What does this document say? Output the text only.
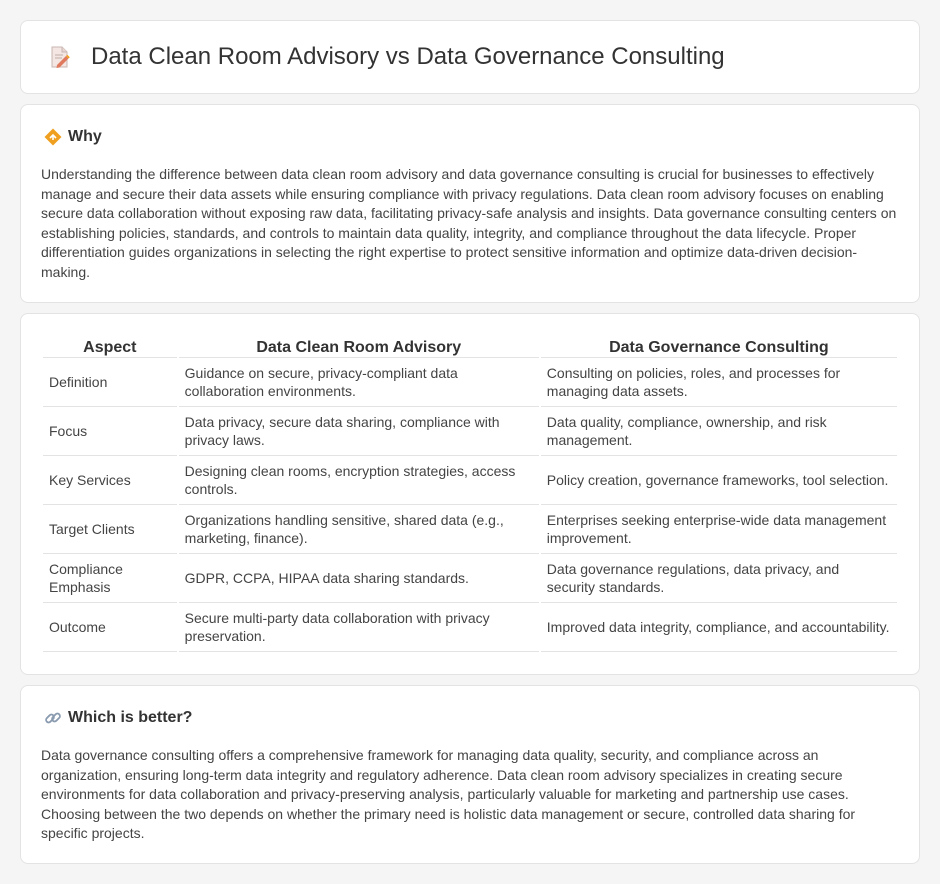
Data Clean Room Advisory vs Data Governance Consulting
Why

Understanding the difference between data clean room advisory and data governance consulting is crucial for businesses to effectively manage and secure their data assets while ensuring compliance with privacy regulations. Data clean room advisory focuses on enabling secure data collaboration without exposing raw data, facilitating privacy-safe analysis and insights. Data governance consulting centers on establishing policies, standards, and controls to maintain data quality, integrity, and compliance throughout the data lifecycle. Proper differentiation guides organizations in selecting the right expertise to protect sensitive information and optimize data-driven decision-making.

Aspect	Data Clean Room Advisory	Data Governance Consulting
Definition	Guidance on secure, privacy-compliant data collaboration environments.	Consulting on policies, roles, and processes for managing data assets.
Focus	Data privacy, secure data sharing, compliance with privacy laws.	Data quality, compliance, ownership, and risk management.
Key Services	Designing clean rooms, encryption strategies, access controls.	Policy creation, governance frameworks, tool selection.
Target Clients	Organizations handling sensitive, shared data (e.g., marketing, finance).	Enterprises seeking enterprise-wide data management improvement.
Compliance Emphasis	GDPR, CCPA, HIPAA data sharing standards.	Data governance regulations, data privacy, and security standards.
Outcome	Secure multi-party data collaboration with privacy preservation.	Improved data integrity, compliance, and accountability.
Which is better?

Data governance consulting offers a comprehensive framework for managing data quality, security, and compliance across an organization, ensuring long-term data integrity and regulatory adherence. Data clean room advisory specializes in creating secure environments for data collaboration and privacy-preserving analysis, particularly valuable for marketing and partnership use cases. Choosing between the two depends on whether the primary need is holistic data management or secure, controlled data sharing for specific projects.
